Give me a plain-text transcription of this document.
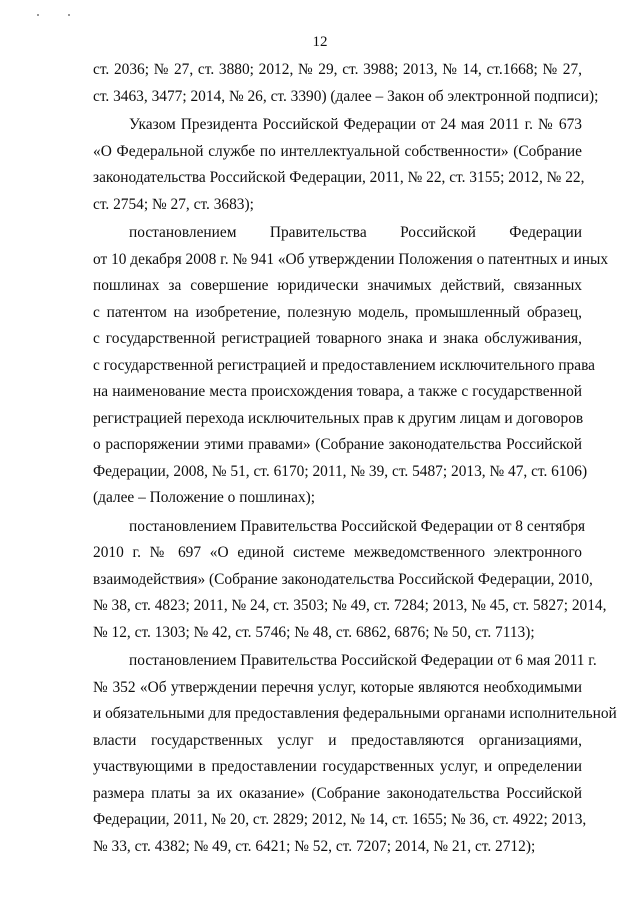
12
ст. 2036; № 27, ст. 3880; 2012, № 29, ст. 3988; 2013, № 14, ст.1668; № 27,
ст. 3463, 3477; 2014, № 26, ст. 3390) (далее – Закон об электронной подписи);
Указом Президента Российской Федерации от 24 мая 2011 г. № 673
«О Федеральной службе по интеллектуальной собственности» (Собрание
законодательства Российской Федерации, 2011, № 22, ст. 3155; 2012, № 22,
ст. 2754; № 27, ст. 3683);
постановлением Правительства Российской Федерации
от 10 декабря 2008 г. № 941 «Об утверждении Положения о патентных и иных
пошлинах за совершение юридически значимых действий, связанных
с патентом на изобретение, полезную модель, промышленный образец,
с государственной регистрацией товарного знака и знака обслуживания,
с государственной регистрацией и предоставлением исключительного права
на наименование места происхождения товара, а также с государственной
регистрацией перехода исключительных прав к другим лицам и договоров
о распоряжении этими правами» (Собрание законодательства Российской
Федерации, 2008, № 51, ст. 6170; 2011, № 39, ст. 5487; 2013, № 47, ст. 6106)
(далее – Положение о пошлинах);
постановлением Правительства Российской Федерации от 8 сентября
2010 г. № 697 «О единой системе межведомственного электронного
взаимодействия» (Собрание законодательства Российской Федерации, 2010,
№ 38, ст. 4823; 2011, № 24, ст. 3503; № 49, ст. 7284; 2013, № 45, ст. 5827; 2014,
№ 12, ст. 1303; № 42, ст. 5746; № 48, ст. 6862, 6876; № 50, ст. 7113);
постановлением Правительства Российской Федерации от 6 мая 2011 г.
№ 352 «Об утверждении перечня услуг, которые являются необходимыми
и обязательными для предоставления федеральными органами исполнительной
власти государственных услуг и предоставляются организациями,
участвующими в предоставлении государственных услуг, и определении
размера платы за их оказание» (Собрание законодательства Российской
Федерации, 2011, № 20, ст. 2829; 2012, № 14, ст. 1655; № 36, ст. 4922; 2013,
№ 33, ст. 4382; № 49, ст. 6421; № 52, ст. 7207; 2014, № 21, ст. 2712);
